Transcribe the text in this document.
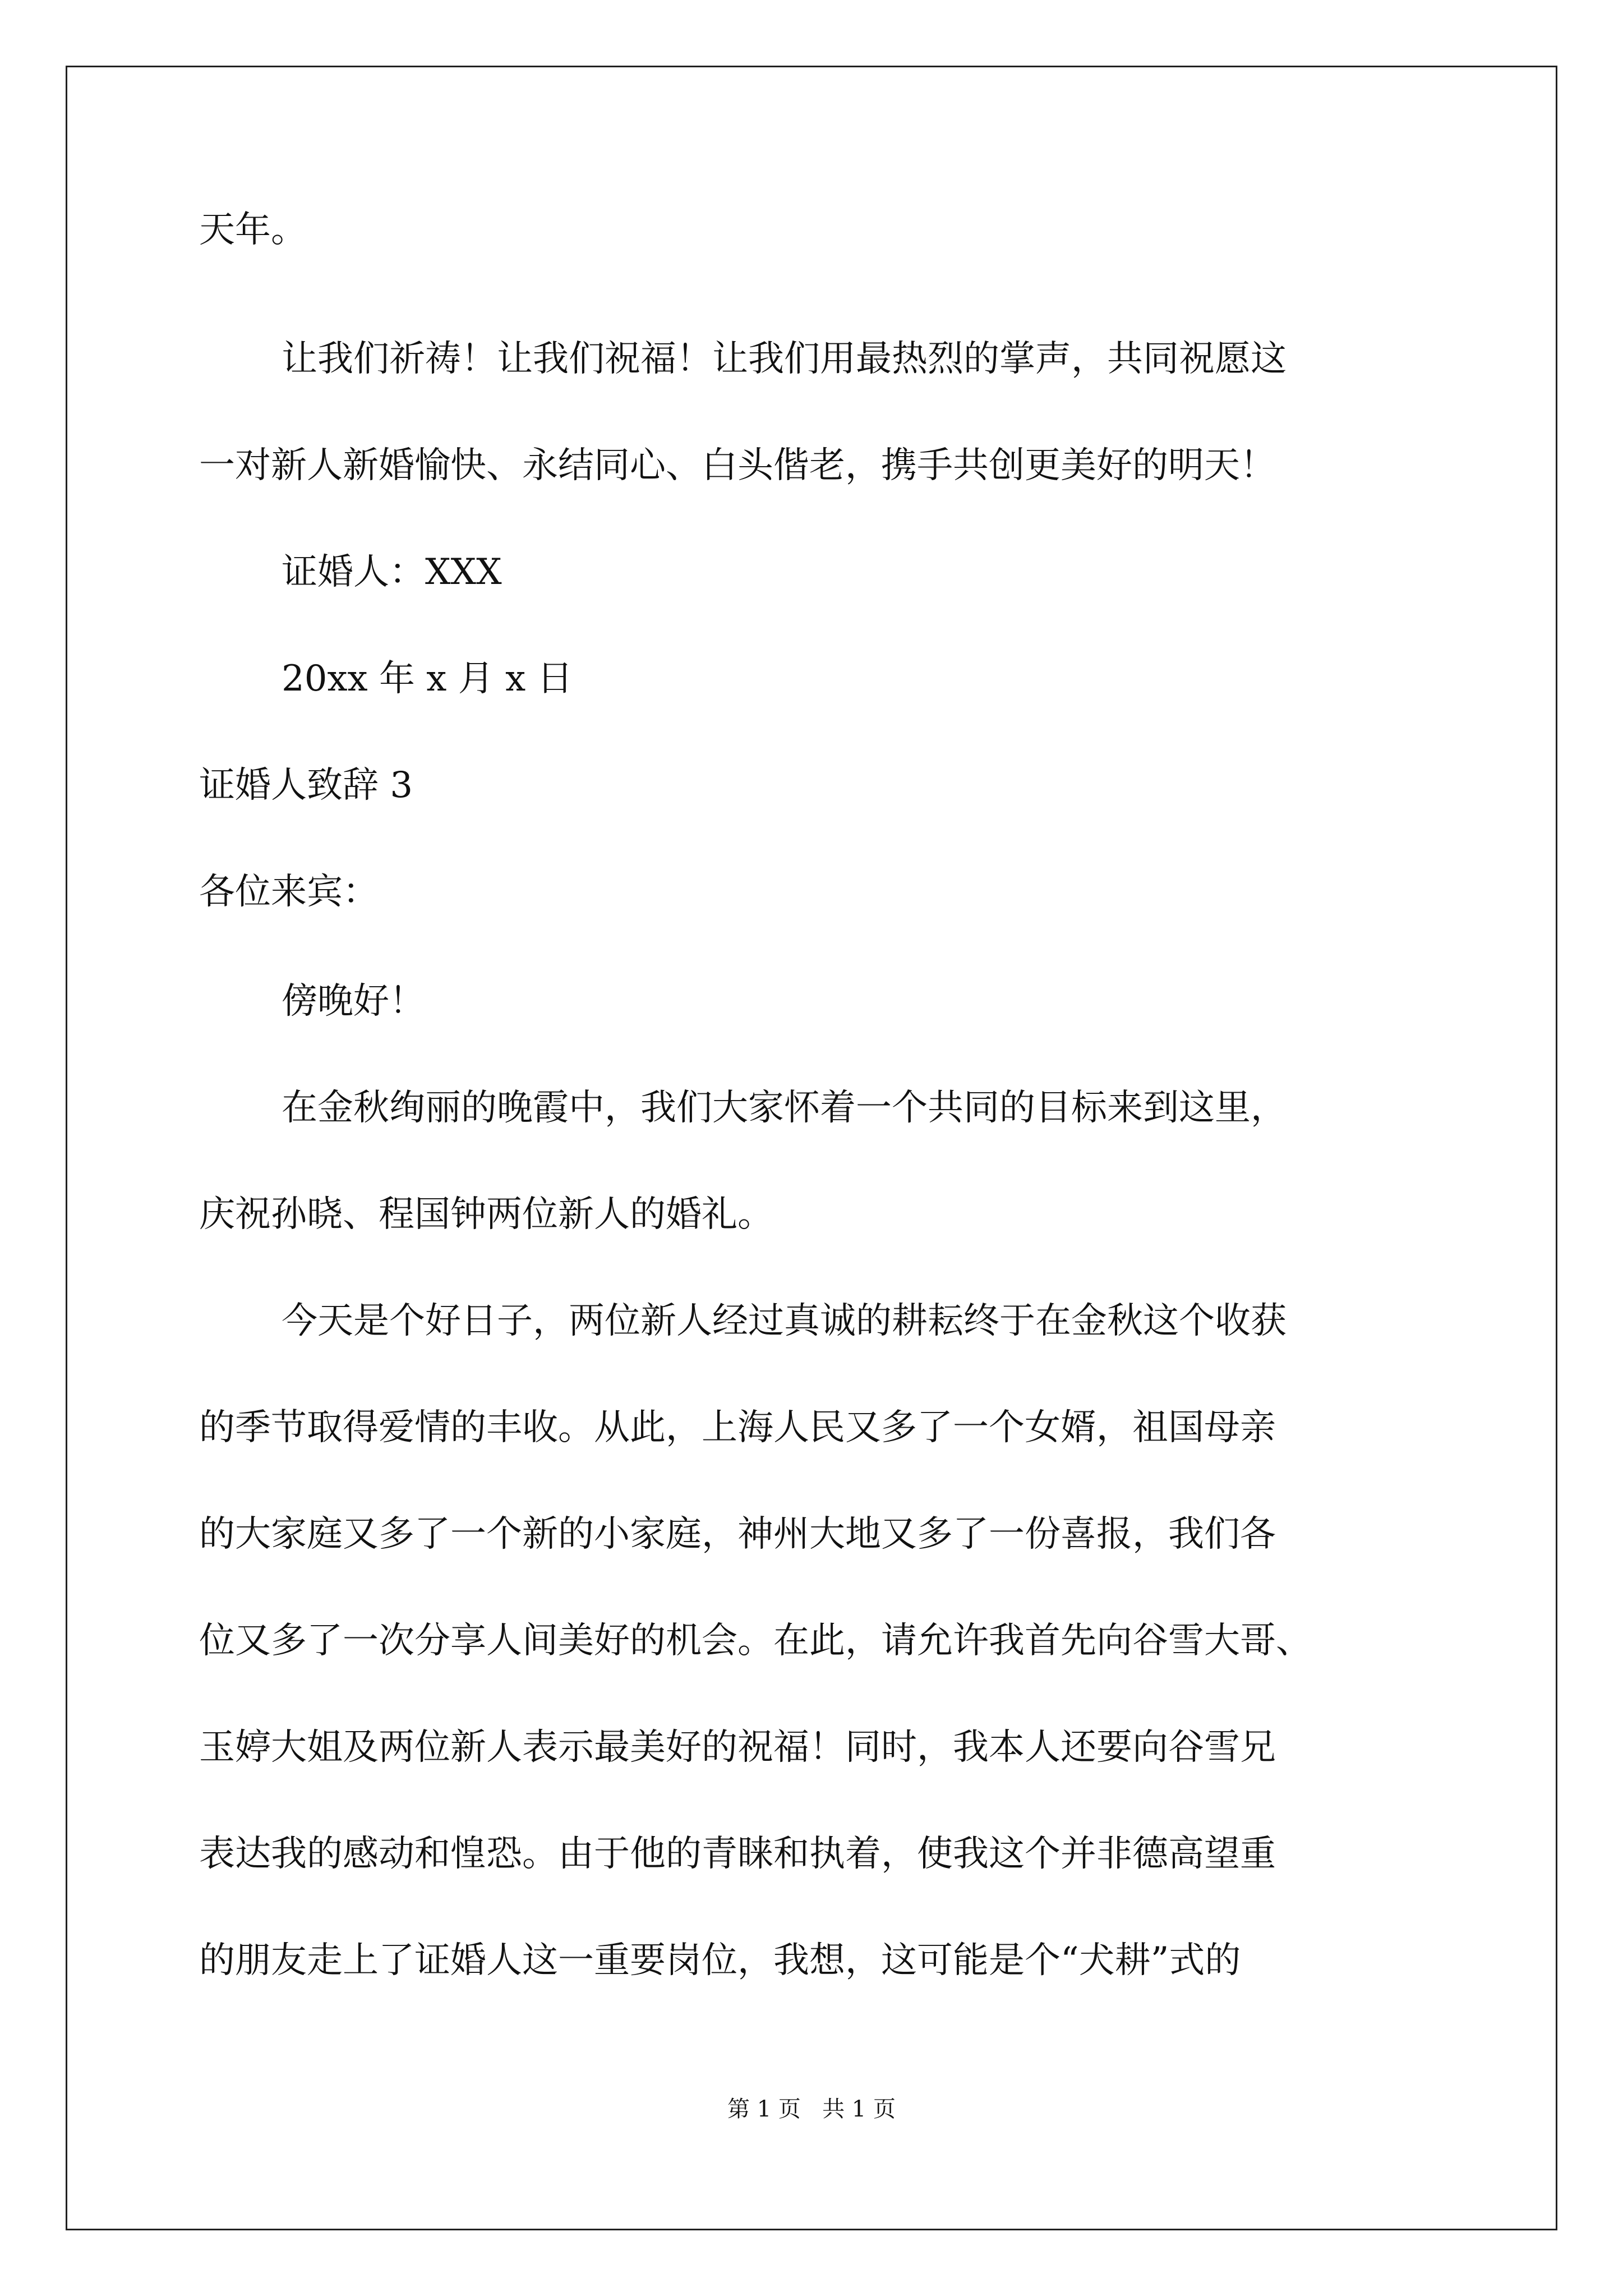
天年。
让我们祈祷！让我们祝福！让我们用最热烈的掌声，共同祝愿这
一对新人新婚愉快、永结同心、白头偕老，携手共创更美好的明天！
证婚人：XXX
20xx 年 x 月 x 日
证婚人致辞 3
各位来宾：
傍晚好！
在金秋绚丽的晚霞中，我们大家怀着一个共同的目标来到这里，
庆祝孙晓、程国钟两位新人的婚礼。
今天是个好日子，两位新人经过真诚的耕耘终于在金秋这个收获
的季节取得爱情的丰收。从此，上海人民又多了一个女婿，祖国母亲
的大家庭又多了一个新的小家庭，神州大地又多了一份喜报，我们各
位又多了一次分享人间美好的机会。在此，请允许我首先向谷雪大哥、
玉婷大姐及两位新人表示最美好的祝福！同时，我本人还要向谷雪兄
表达我的感动和惶恐。由于他的青睐和执着，使我这个并非德高望重
的朋友走上了证婚人这一重要岗位，我想，这可能是个“犬耕”式的
第 1 页   共 1 页
